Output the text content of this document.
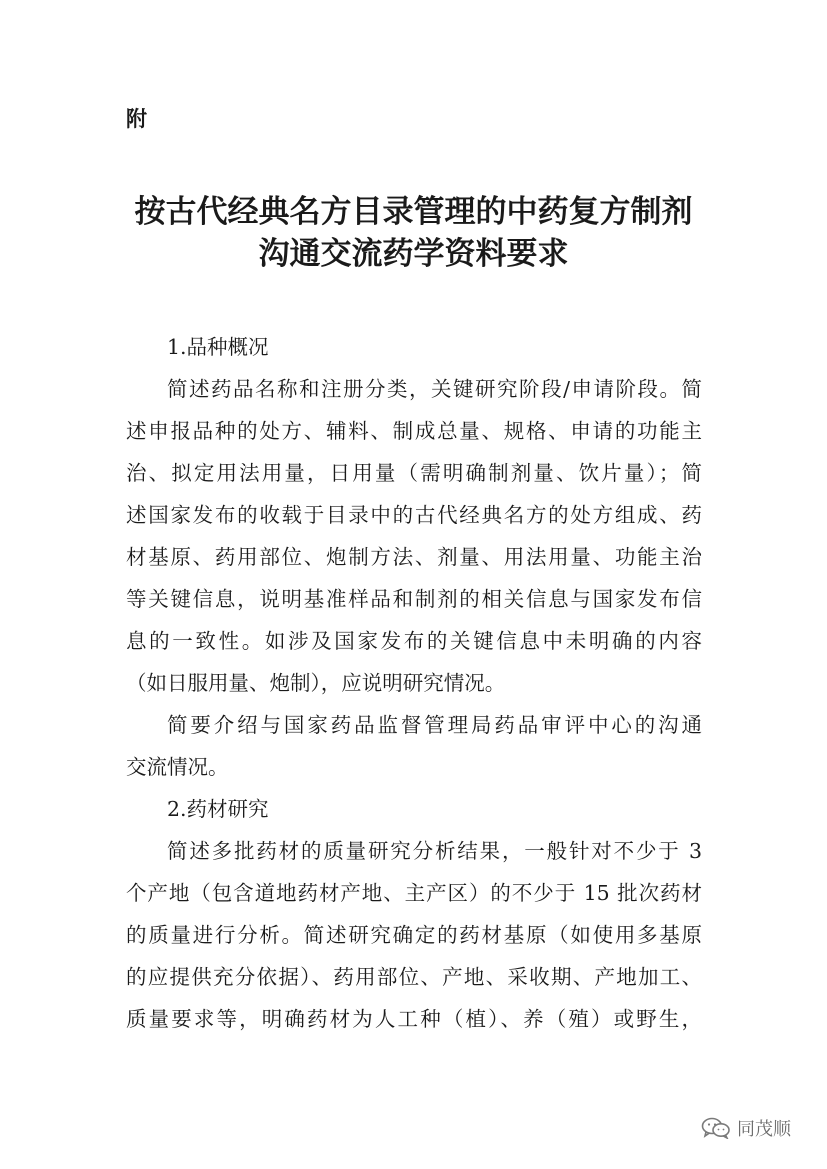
附
按古代经典名方目录管理的中药复方制剂
沟通交流药学资料要求

1.品种概况

简述药品名称和注册分类，关键研究阶段/申请阶段。简
述申报品种的处方、辅料、制成总量、规格、申请的功能主
治、拟定用法用量，日用量（需明确制剂量、饮片量）；简
述国家发布的收载于目录中的古代经典名方的处方组成、药
材基原、药用部位、炮制方法、剂量、用法用量、功能主治
等关键信息，说明基准样品和制剂的相关信息与国家发布信
息的一致性。如涉及国家发布的关键信息中未明确的内容
（如日服用量、炮制），应说明研究情况。

简要介绍与国家药品监督管理局药品审评中心的沟通
交流情况。

2.药材研究

简述多批药材的质量研究分析结果，一般针对不少于 3
个产地（包含道地药材产地、主产区）的不少于 15 批次药材
的质量进行分析。简述研究确定的药材基原（如使用多基原
的应提供充分依据）、药用部位、产地、采收期、产地加工、
质量要求等，明确药材为人工种（植）、养（殖）或野生，

同茂顺
